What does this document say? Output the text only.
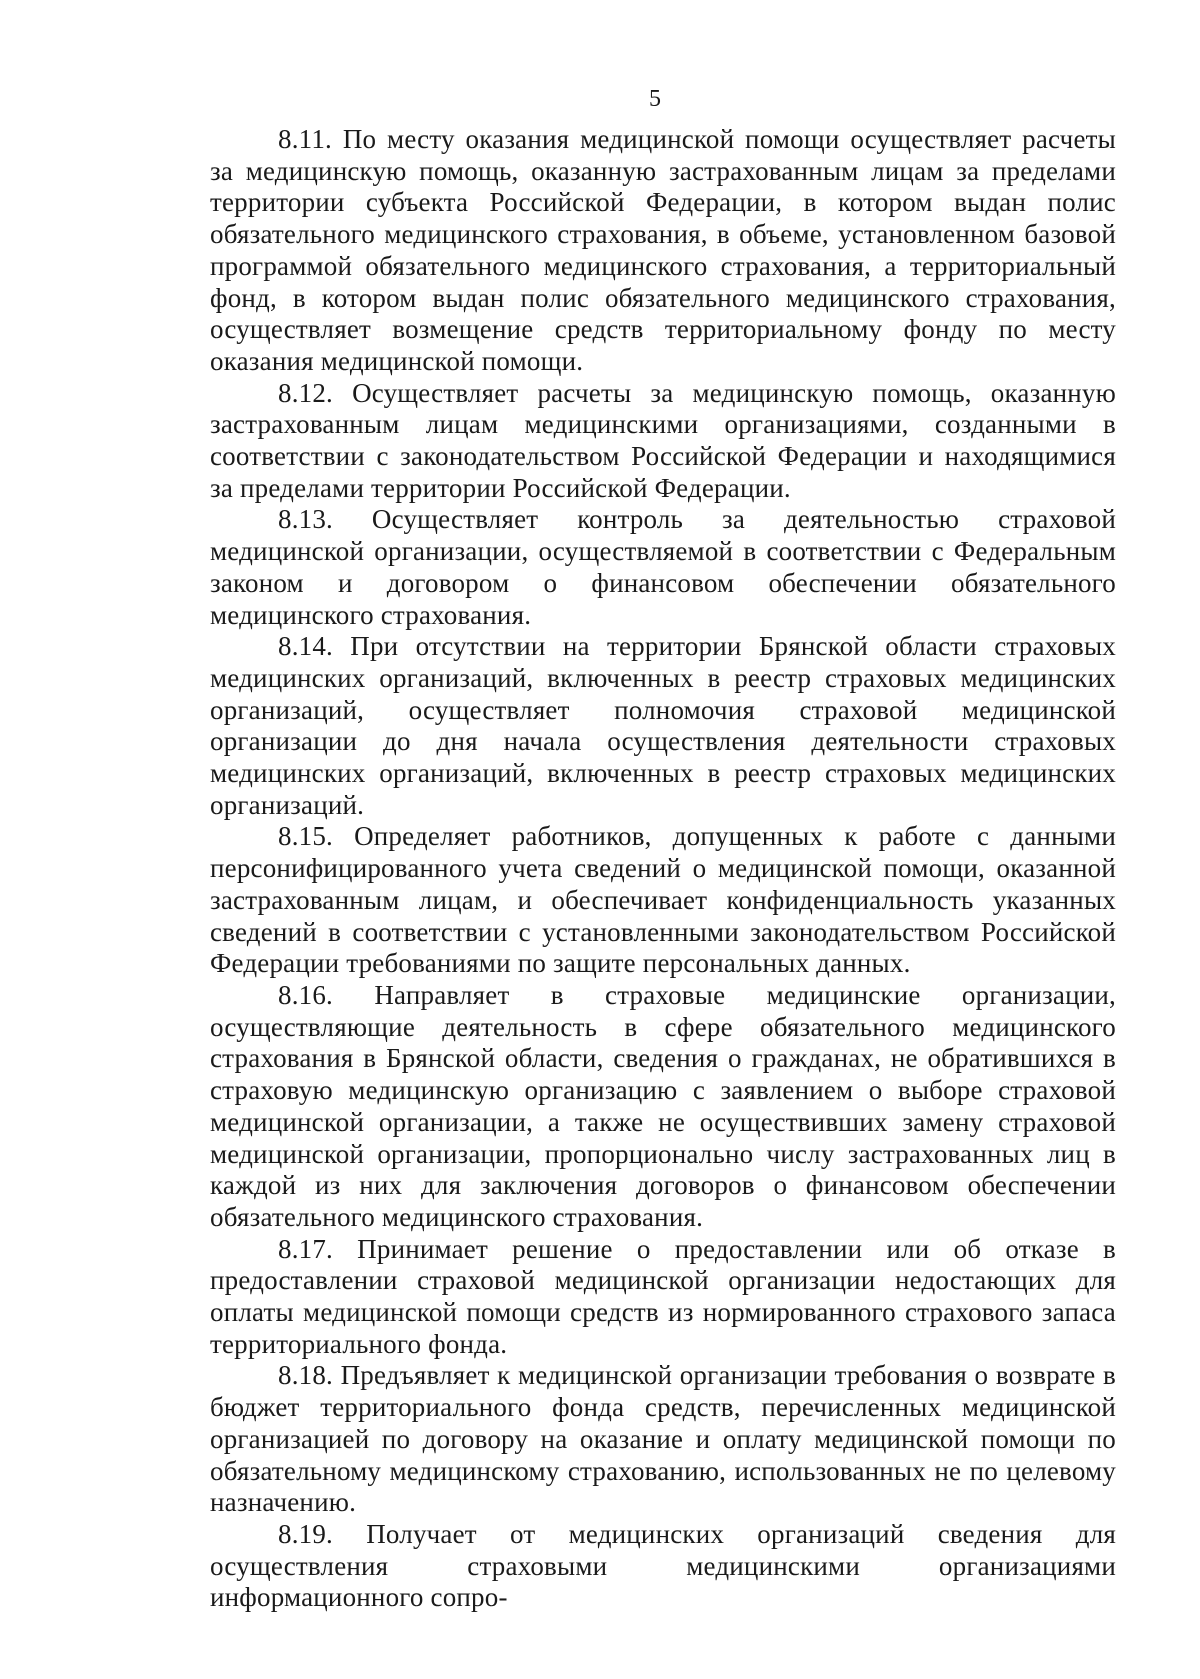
5

8.11. По месту оказания медицинской помощи осуществляет расчеты за медицинскую помощь, оказанную застрахованным лицам за пределами территории субъекта Российской Федерации, в котором выдан полис обязательного медицинского страхования, в объеме, установленном базовой программой обязательного медицинского страхования, а территориальный фонд, в котором выдан полис обязательного медицинского страхования, осуществляет возмещение средств территориальному фонду по месту оказания медицинской помощи.

8.12. Осуществляет расчеты за медицинскую помощь, оказанную застрахованным лицам медицинскими организациями, созданными в соответствии с законодательством Российской Федерации и находящимися за пределами территории Российской Федерации.

8.13. Осуществляет контроль за деятельностью страховой медицинской организации, осуществляемой в соответствии с Федеральным законом и договором о финансовом обеспечении обязательного медицинского страхования.

8.14. При отсутствии на территории Брянской области страховых медицинских организаций, включенных в реестр страховых медицинских организаций, осуществляет полномочия страховой медицинской организации до дня начала осуществления деятельности страховых медицинских организаций, включенных в реестр страховых медицинских организаций.

8.15. Определяет работников, допущенных к работе с данными персонифицированного учета сведений о медицинской помощи, оказанной застрахованным лицам, и обеспечивает конфиденциальность указанных сведений в соответствии с установленными законодательством Российской Федерации требованиями по защите персональных данных.

8.16. Направляет в страховые медицинские организации, осуществляющие деятельность в сфере обязательного медицинского страхования в Брянской области, сведения о гражданах, не обратившихся в страховую медицинскую организацию с заявлением о выборе страховой медицинской организации, а также не осуществивших замену страховой медицинской организации, пропорционально числу застрахованных лиц в каждой из них для заключения договоров о финансовом обеспечении обязательного медицинского страхования.

8.17. Принимает решение о предоставлении или об отказе в предоставлении страховой медицинской организации недостающих для оплаты медицинской помощи средств из нормированного страхового запаса территориального фонда.

8.18. Предъявляет к медицинской организации требования о возврате в бюджет территориального фонда средств, перечисленных медицинской организацией по договору на оказание и оплату медицинской помощи по обязательному медицинскому страхованию, использованных не по целевому назначению.

8.19. Получает от медицинских организаций сведения для осуществления страховыми медицинскими организациями информационного сопро-
